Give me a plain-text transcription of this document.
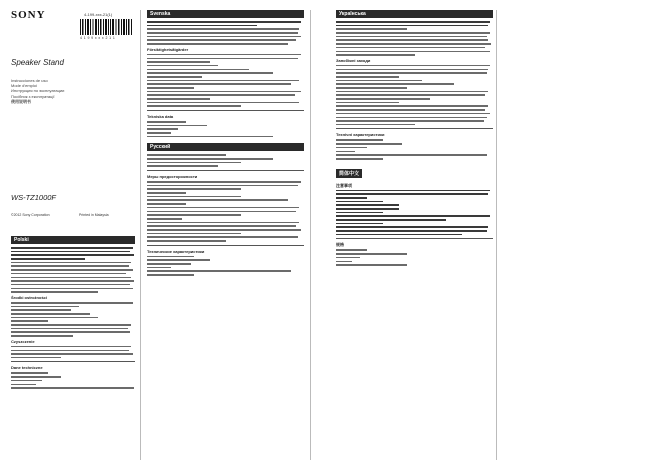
SONY	4-199-xxx-21(1)
4 1 9 9 x x x 2 1 1
Speaker Stand
Instrucciones de uso
Mode d'emploi
Инструкция по эксплуатации
Посібник з експлуатації
使用说明书
WS-TZ1000F
©2012 Sony Corporation	Printed in Malaysia
Polski
Środki ostrożności
Czyszczenie
Dane techniczne
Svenska
Försiktighetsåtgärder
Tekniska data
Русский
Меры предосторожности
Технические характеристики
Українська
Запобіжні заходи
Технічні характеристики
简体中文
注意事项
规格
